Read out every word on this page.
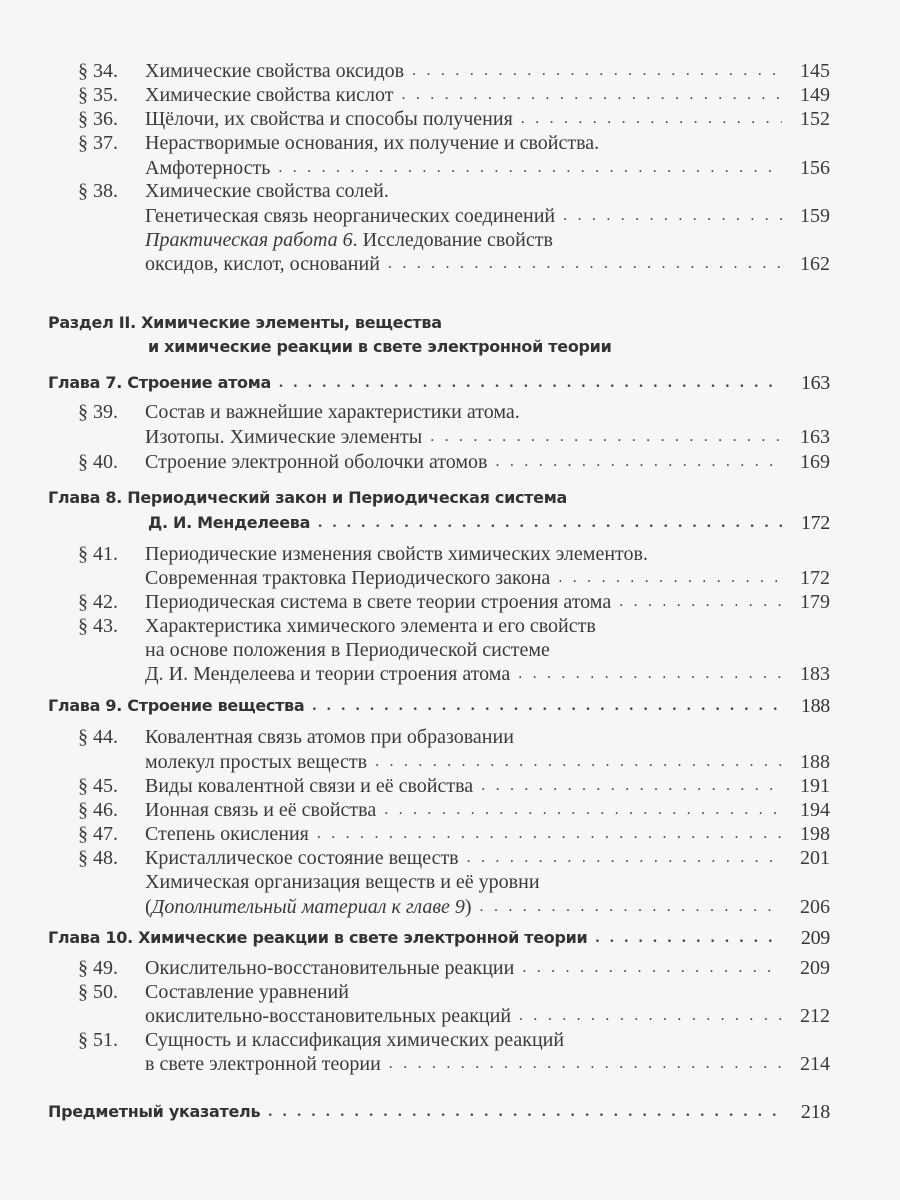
§ 34. Химические свойства оксидов . . .	145
§ 35. Химические свойства кислот . . .	149
§ 36. Щёлочи, их свойства и способы получения . . .	152
§ 37. Нерастворимые основания, их получение и свойства.
Амфотерность . . .	156
§ 38. Химические свойства солей.
Генетическая связь неорганических соединений . . .	159
Практическая работа 6. Исследование свойств
оксидов, кислот, оснований . . .	162
Раздел II. Химические элементы, вещества
и химические реакции в свете электронной теории
Глава 7. Строение атома . . .	163
§ 39. Состав и важнейшие характеристики атома.
Изотопы. Химические элементы . . .	163
§ 40. Строение электронной оболочки атомов . . .	169
Глава 8. Периодический закон и Периодическая система
Д. И. Менделеева . . .	172
§ 41. Периодические изменения свойств химических элементов.
Современная трактовка Периодического закона . . .	172
§ 42. Периодическая система в свете теории строения атома . . .	179
§ 43. Характеристика химического элемента и его свойств
на основе положения в Периодической системе
Д. И. Менделеева и теории строения атома . . .	183
Глава 9. Строение вещества . . .	188
§ 44. Ковалентная связь атомов при образовании
молекул простых веществ . . .	188
§ 45. Виды ковалентной связи и её свойства . . .	191
§ 46. Ионная связь и её свойства . . .	194
§ 47. Степень окисления . . .	198
§ 48. Кристаллическое состояние веществ . . .	201
Химическая организация веществ и её уровни
(Дополнительный материал к главе 9) . . .	206
Глава 10. Химические реакции в свете электронной теории . . .	209
§ 49. Окислительно-восстановительные реакции . . .	209
§ 50. Составление уравнений
окислительно-восстановительных реакций . . .	212
§ 51. Сущность и классификация химических реакций
в свете электронной теории . . .	214
Предметный указатель . . .	218
